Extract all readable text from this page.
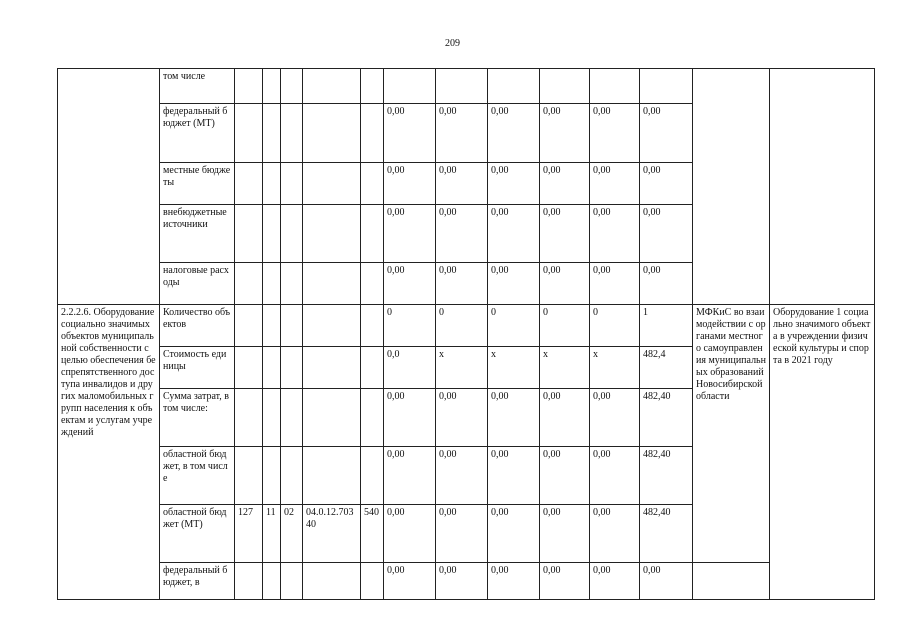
209
	том числе													
	федеральный бюджет (МТ)						0,00	0,00	0,00	0,00	0,00	0,00		
	местные бюджеты						0,00	0,00	0,00	0,00	0,00	0,00		
	внебюджетные источники						0,00	0,00	0,00	0,00	0,00	0,00		
	налоговые расходы						0,00	0,00	0,00	0,00	0,00	0,00		
2.2.2.6. Оборудование социально значимых объектов муниципальной собственности с целью обеспечения беспрепятственного доступа инвалидов и других маломобильных групп населения к объектам и услугам учреждений	Количество объектов						0	0	0	0	0	1	МФКиС во взаимодействии с органами местного самоуправления муниципальных образований Новосибирской области	Оборудование 1 социально значимого объекта в учреждении физической культуры и спорта в 2021 году
	Стоимость единицы						0,0	x	x	x	x	482,4		
	Сумма затрат, в том числе:						0,00	0,00	0,00	0,00	0,00	482,40		
	областной бюджет, в том числе						0,00	0,00	0,00	0,00	0,00	482,40		
	областной бюджет (МТ)	127	11	02	04.0.12.70340	540	0,00	0,00	0,00	0,00	0,00	482,40		
	федеральный бюджет, в						0,00	0,00	0,00	0,00	0,00	0,00		
